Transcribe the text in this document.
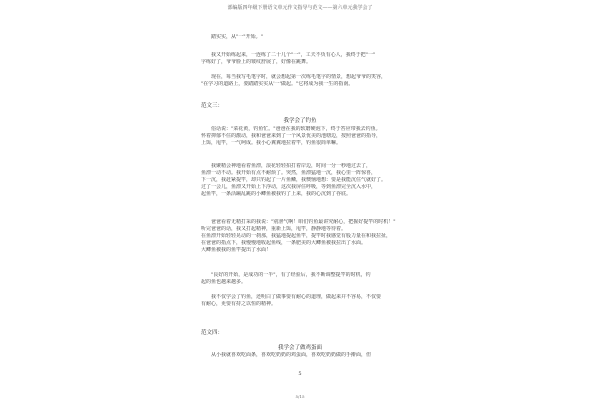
部编版四年级下册语文单元作文指导与范文——第六单元我学会了
踏实实，从"一"开始。"
我又开始练起来，一连练了二十几个"一"，工夫不负有心人，我终于把"一"
字练好了，爷爷脸上的皱纹舒展了，好像在跳舞。
现在，每当我写毛笔字时，就会想起第一次练毛笔字的情景，想起爷爷的笑容，
"在学习的道路上，要踏踏实实从'一'做起。"它将成为我一生的指南。
范文三：
我学会了钓鱼
俗话说："菜花黄，钓鱼忙。"爸爸在我的软磨硬泡下，终于答应带我去钓鱼。
怀着抑郁不住的激动，我和爸爸来到了一个风景优美的池塘边，按照爸爸的指导，
上饵，甩竿，一气呵成。我小心翼翼地拉着竿，钓鱼很简单嘛。
我聚精会神地看着鱼漂，浪花轻轻拍打着岸边，时间一分一秒地过去了，
鱼漂一动不动。我开始有点不耐烦了。突然，鱼漂猛地一沉，我心里一阵惊喜，
下一沉，我赶紧提竿，却只钓起了一片鱼鳞，我懊恼地想：要是我能沉住气就好了。
过了一会儿，鱼漂又开始上下浮动，这次我屏住呼吸，等到鱼漂完全沉入水中，
起鱼竿，一条活蹦乱跳的小鲫鱼被我钓了上来，我的心沉到了谷底。
爸爸看着无精打采的我说："别泄气啊！咱们钓鱼最讲究耐心，把握好提竿的时机！"
听完爸爸的话，我又打起精神，重新上饵，甩竿，静静地等待着。
在鱼漂开始轻轻晃动的一刹那，我猛地提起鱼竿，提竿时我感觉有股力量在和我拉扯，
在爸爸的指点下，我慢慢地收起鱼线，一条肥美的大鲫鱼被我拉出了水面。
大鲫鱼被我的鱼竿提出了水面！
"良好的开始，是成功的一半"，有了经验后，我不断调整提竿的时机，钓
起的鱼也越来越多。
我不仅学会了钓鱼，还明白了做事要有耐心的道理，做起来并不容易，不仅要
有耐心，更要有持之以恒的精神。
范文四：
我学会了做鸡蛋面
从小我就喜欢吃面条，喜欢吃奶奶的鸡蛋面，喜欢吃奶奶做的手擀面，但
5
5/15
